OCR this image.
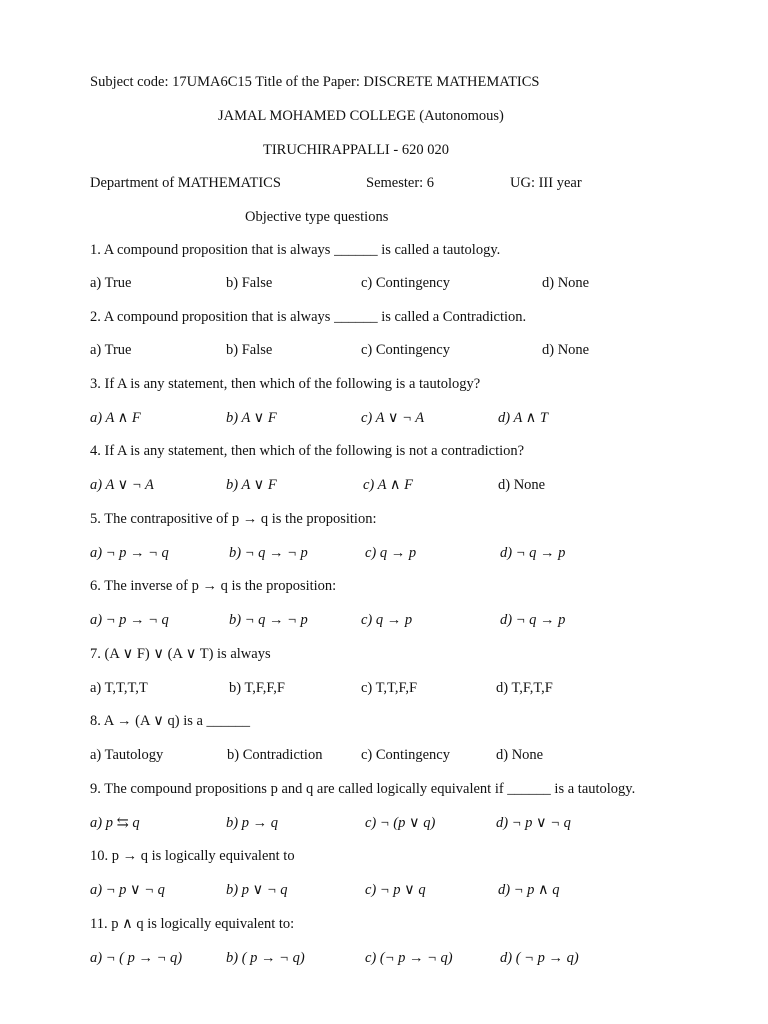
Subject code: 17UMA6C15 Title of the Paper: DISCRETE MATHEMATICS
JAMAL MOHAMED COLLEGE (Autonomous)
TIRUCHIRAPPALLI - 620 020
Department of MATHEMATICS	Semester: 6	UG: III year
Objective type questions
1. A compound proposition that is always ______ is called a tautology.
a) True	b) False	c) Contingency	d) None
2. A compound proposition that is always ______ is called a Contradiction.
a) True	b) False	c) Contingency	d) None
3. If A is any statement, then which of the following is a tautology?
a) A ∧ F	b) A ∨ F	c) A ∨ ¬ A	d) A ∧ T
4. If A is any statement, then which of the following is not a contradiction?
a) A ∨ ¬ A	b) A ∨ F	c) A ∧ F	d) None
5. The contrapositive of p → q is the proposition:
a) ¬ p → ¬ q	b) ¬ q → ¬ p	c) q → p	d) ¬ q → p
6. The inverse of p → q is the proposition:
a) ¬ p → ¬ q	b) ¬ q → ¬ p	c) q → p	d) ¬ q → p
7. (A ∨ F) ∨ (A ∨ T) is always
a) T,T,T,T	b) T,F,F,F	c) T,T,F,F	d) T,F,T,F
8. A → (A ∨ q) is a ______
a) Tautology	b) Contradiction	c) Contingency	d) None
9. The compound propositions p and q are called logically equivalent if ______ is a tautology.
a) p ⇆ q	b) p → q	c) ¬ (p ∨ q)	d) ¬ p ∨ ¬ q
10. p → q is logically equivalent to
a) ¬ p ∨ ¬ q	b) p ∨ ¬ q	c) ¬ p ∨ q	d) ¬ p ∧ q
11. p ∧ q is logically equivalent to:
a) ¬ ( p → ¬ q)	b) ( p → ¬ q)	c) (¬ p → ¬ q)	d) ( ¬ p → q)
